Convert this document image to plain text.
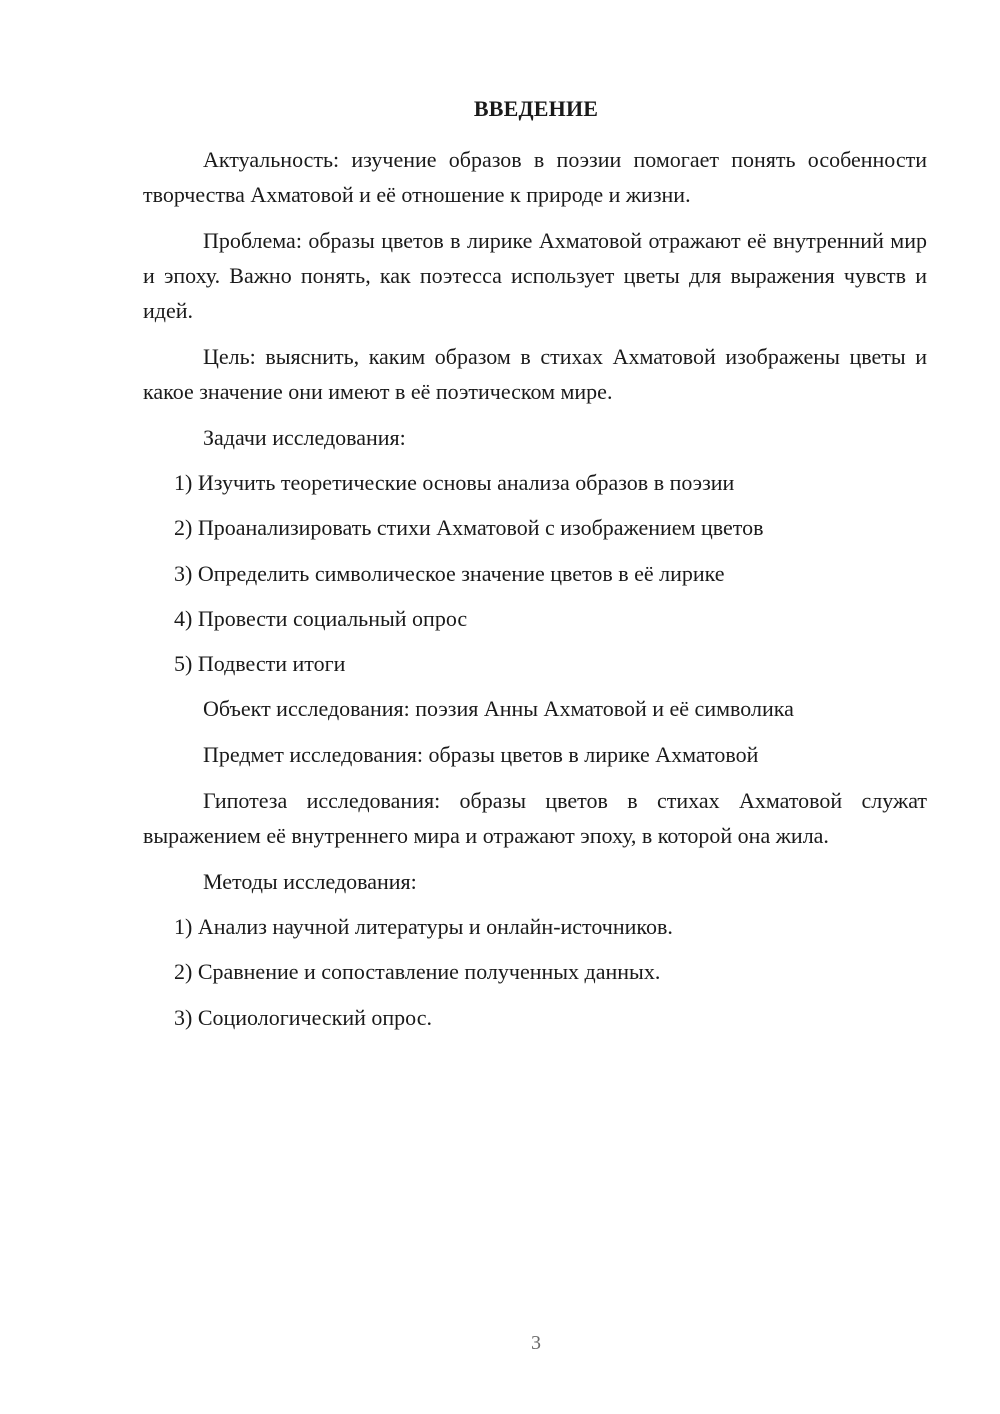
ВВЕДЕНИЕ
Актуальность: изучение образов в поэзии помогает понять особенности творчества Ахматовой и её отношение к природе и жизни.
Проблема: образы цветов в лирике Ахматовой отражают её внутренний мир и эпоху. Важно понять, как поэтесса использует цветы для выражения чувств и идей.
Цель: выяснить, каким образом в стихах Ахматовой изображены цветы и какое значение они имеют в её поэтическом мире.
Задачи исследования:
1) Изучить теоретические основы анализа образов в поэзии
2) Проанализировать стихи Ахматовой с изображением цветов
3) Определить символическое значение цветов в её лирике
4) Провести социальный опрос
5) Подвести итоги
Объект исследования: поэзия Анны Ахматовой и её символика
Предмет исследования: образы цветов в лирике Ахматовой
Гипотеза исследования: образы цветов в стихах Ахматовой служат выражением её внутреннего мира и отражают эпоху, в которой она жила.
Методы исследования:
1) Анализ научной литературы и онлайн-источников.
2) Сравнение и сопоставление полученных данных.
3) Социологический опрос.
3
